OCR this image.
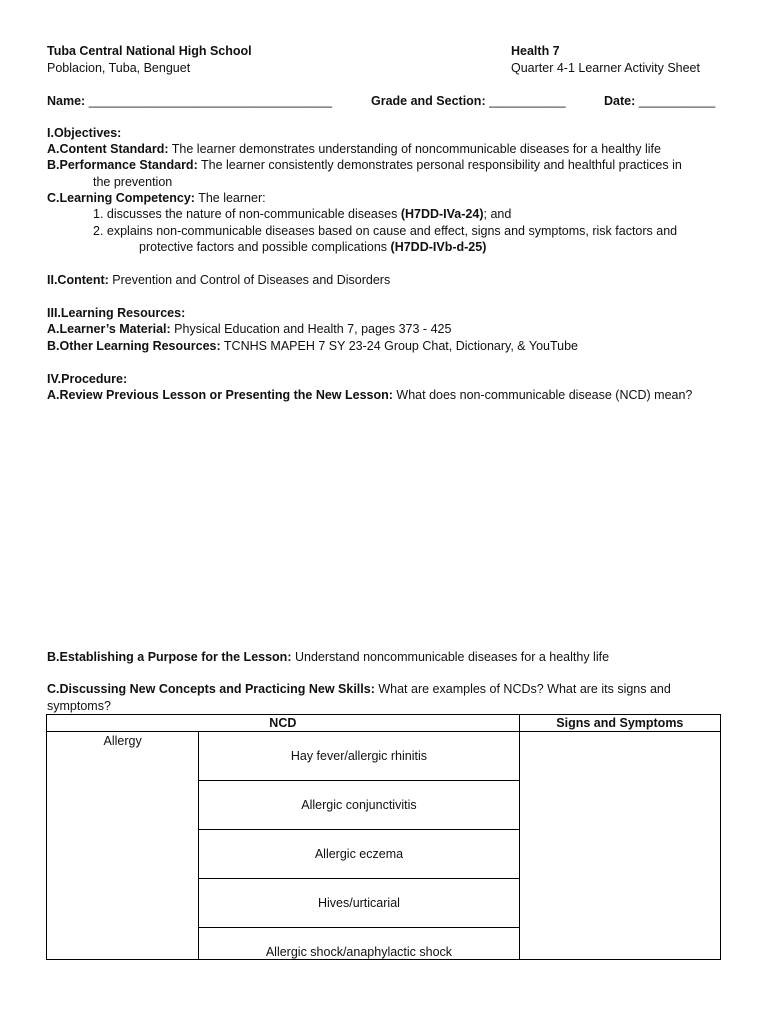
Tuba Central National High School
Poblacion, Tuba, Benguet
Health 7
Quarter 4-1 Learner Activity Sheet
Name: ___________________________________	Grade and Section: ___________	Date: ___________
I.Objectives:
A.Content Standard: The learner demonstrates understanding of noncommunicable diseases for a healthy life
B.Performance Standard: The learner consistently demonstrates personal responsibility and healthful practices in
the prevention
C.Learning Competency: The learner:
1. discusses the nature of non-communicable diseases (H7DD-IVa-24); and
2. explains non-communicable diseases based on cause and effect, signs and symptoms, risk factors and
protective factors and possible complications (H7DD-IVb-d-25)
II.Content: Prevention and Control of Diseases and Disorders
III.Learning Resources:
A.Learner’s Material: Physical Education and Health 7, pages 373 - 425
B.Other Learning Resources: TCNHS MAPEH 7 SY 23-24 Group Chat, Dictionary, & YouTube
IV.Procedure:
A.Review Previous Lesson or Presenting the New Lesson: What does non-communicable disease (NCD) mean?
B.Establishing a Purpose for the Lesson: Understand noncommunicable diseases for a healthy life
C.Discussing New Concepts and Practicing New Skills: What are examples of NCDs? What are its signs and
symptoms?
NCD		Signs and Symptoms
Allergy	Hay fever/allergic rhinitis	
	Allergic conjunctivitis	
	Allergic eczema	
	Hives/urticarial	
	Allergic shock/anaphylactic shock	
